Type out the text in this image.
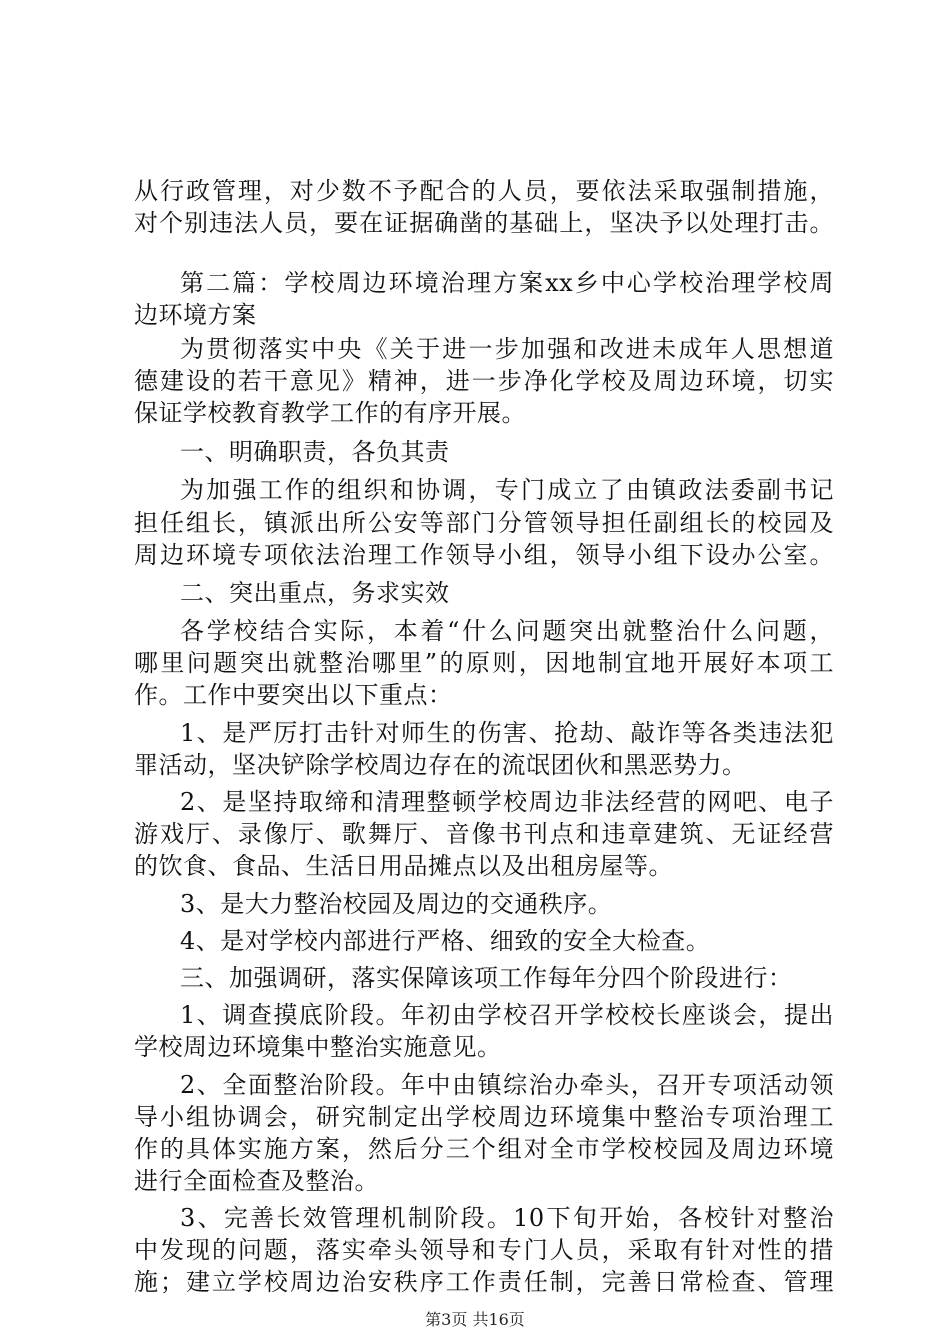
从行政管理，对少数不予配合的人员，要依法采取强制措施，
对个别违法人员，要在证据确凿的基础上，坚决予以处理打击。
第二篇：学校周边环境治理方案xx乡中心学校治理学校周
边环境方案
为贯彻落实中央《关于进一步加强和改进未成年人思想道
德建设的若干意见》精神，进一步净化学校及周边环境，切实
保证学校教育教学工作的有序开展。
一、明确职责，各负其责
为加强工作的组织和协调，专门成立了由镇政法委副书记
担任组长，镇派出所公安等部门分管领导担任副组长的校园及
周边环境专项依法治理工作领导小组，领导小组下设办公室。
二、突出重点，务求实效
各学校结合实际，本着“什么问题突出就整治什么问题，
哪里问题突出就整治哪里”的原则，因地制宜地开展好本项工
作。工作中要突出以下重点：
1、是严厉打击针对师生的伤害、抢劫、敲诈等各类违法犯
罪活动，坚决铲除学校周边存在的流氓团伙和黑恶势力。
2、是坚持取缔和清理整顿学校周边非法经营的网吧、电子
游戏厅、录像厅、歌舞厅、音像书刊点和违章建筑、无证经营
的饮食、食品、生活日用品摊点以及出租房屋等。
3、是大力整治校园及周边的交通秩序。
4、是对学校内部进行严格、细致的安全大检查。
三、加强调研，落实保障该项工作每年分四个阶段进行：
1、调查摸底阶段。年初由学校召开学校校长座谈会，提出
学校周边环境集中整治实施意见。
2、全面整治阶段。年中由镇综治办牵头，召开专项活动领
导小组协调会，研究制定出学校周边环境集中整治专项治理工
作的具体实施方案，然后分三个组对全市学校校园及周边环境
进行全面检查及整治。
3、完善长效管理机制阶段。10下旬开始，各校针对整治
中发现的问题，落实牵头领导和专门人员，采取有针对性的措
施；建立学校周边治安秩序工作责任制，完善日常检查、管理
第3页 共16页
